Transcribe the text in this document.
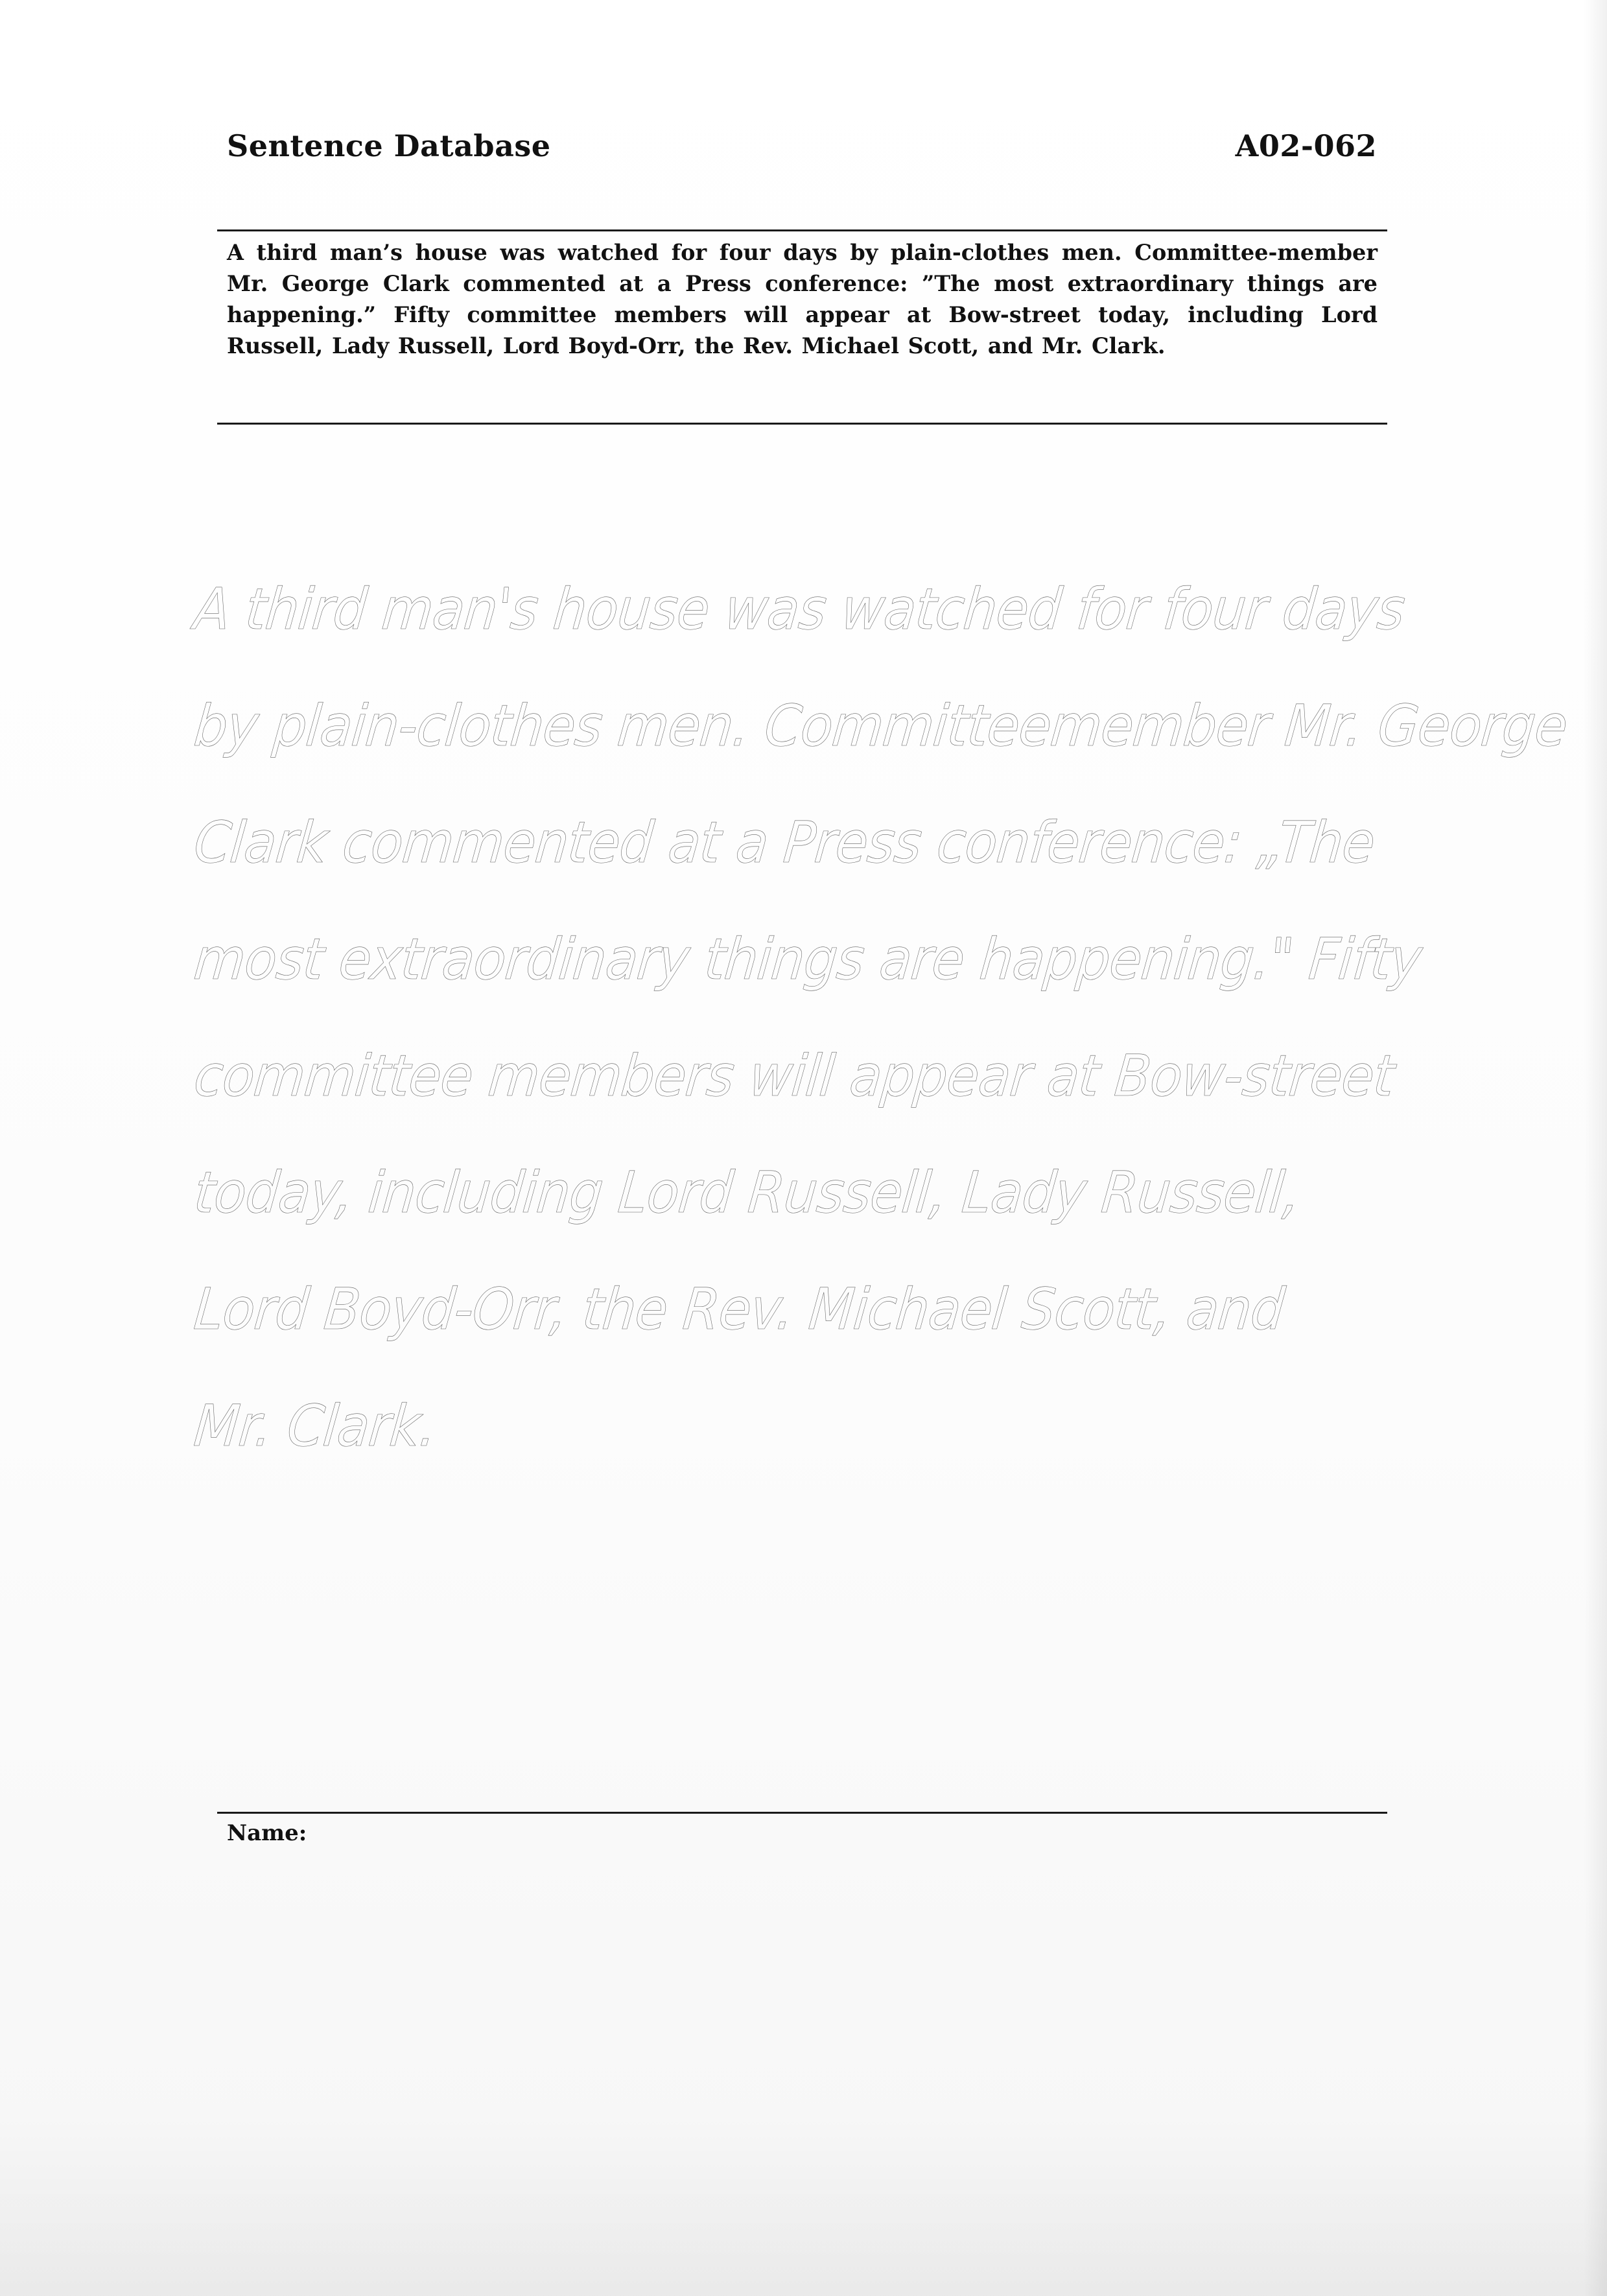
Sentence Database	A02-062
A third man’s house was watched for four days by plain-clothes men. Committee-member Mr. George Clark commented at a Press conference: ”The most extraordinary things are happening.” Fifty committee members will appear at Bow-street today, including Lord Russell, Lady Russell, Lord Boyd-Orr, the Rev. Michael Scott, and Mr. Clark.
A third man's house was watched for four days
by plain-clothes men. Committeemember Mr. George
Clark commented at a Press conference: „The
most extraordinary things are happening." Fifty
committee members will appear at Bow-street
today, including Lord Russell, Lady Russell,
Lord Boyd-Orr, the Rev. Michael Scott, and
Mr. Clark.
Name:
